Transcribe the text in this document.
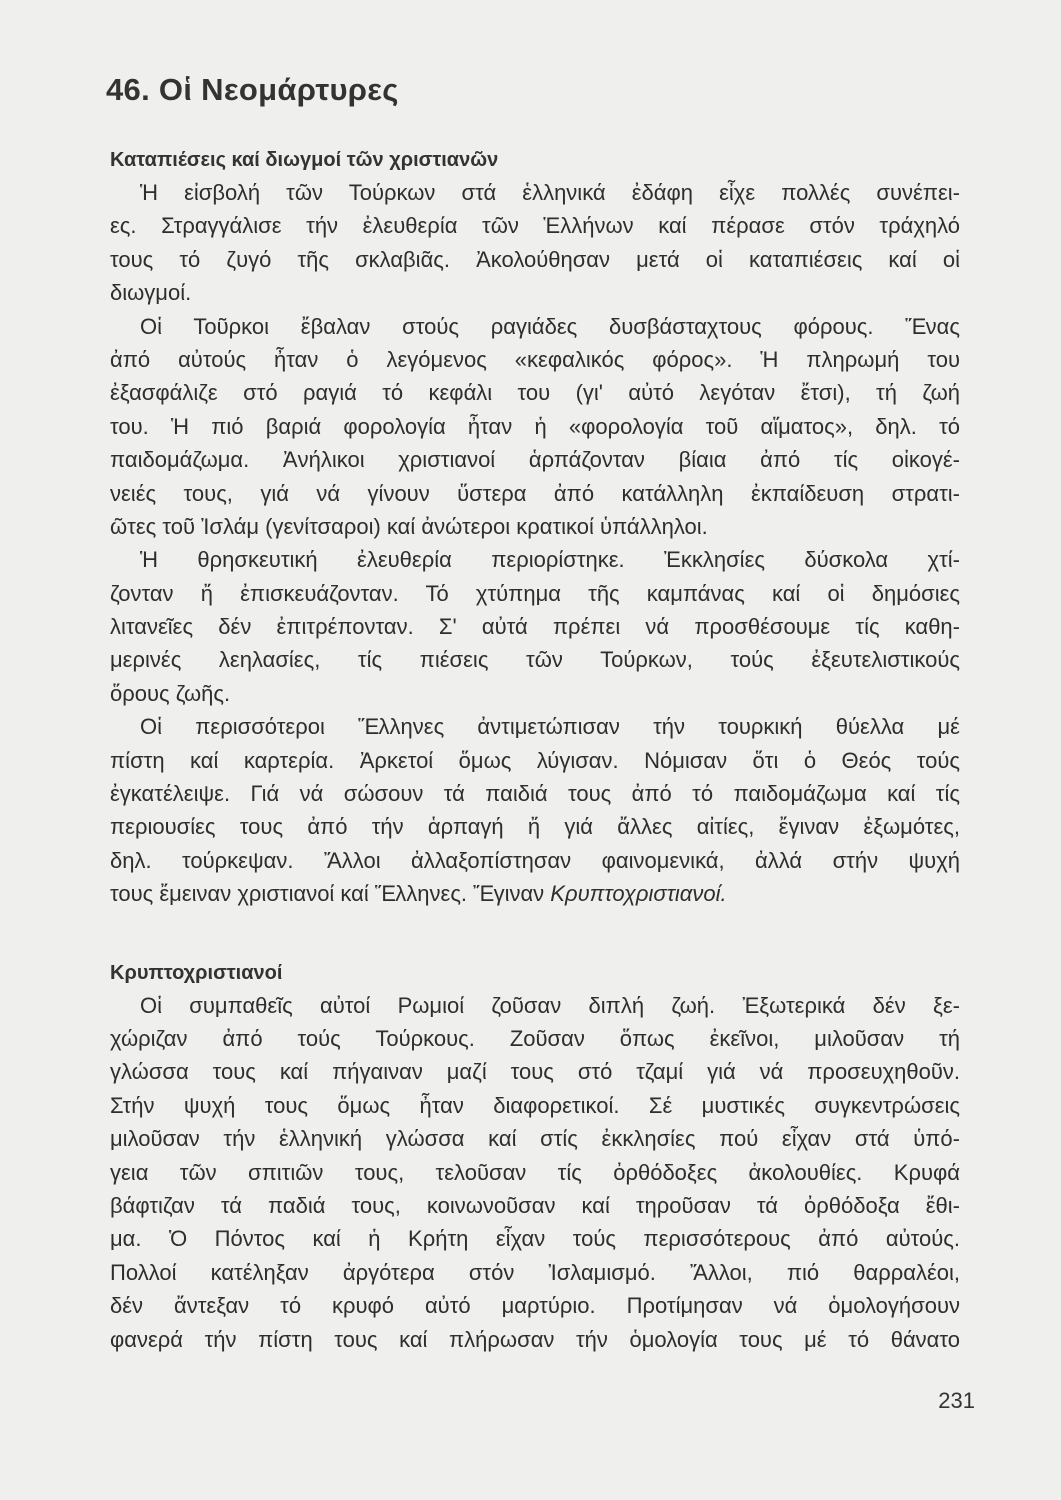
46. Οἱ Νεομάρτυρες
Καταπιέσεις καί διωγμοί τῶν χριστιανῶν
Ἡ εἰσβολή τῶν Τούρκων στά ἑλληνικά ἐδάφη εἶχε πολλές συνέπει-
ες. Στραγγάλισε τήν ἐλευθερία τῶν Ἑλλήνων καί πέρασε στόν τράχηλό
τους τό ζυγό τῆς σκλαβιᾶς. Ἀκολούθησαν μετά οἱ καταπιέσεις καί οἱ
διωγμοί.
Οἱ Τοῦρκοι ἔβαλαν στούς ραγιάδες δυσβάσταχτους φόρους. Ἕνας
ἀπό αὐτούς ἦταν ὁ λεγόμενος «κεφαλικός φόρος». Ἡ πληρωμή του
ἐξασφάλιζε στό ραγιά τό κεφάλι του (γι' αὐτό λεγόταν ἔτσι), τή ζωή
του. Ἡ πιό βαριά φορολογία ἦταν ἡ «φορολογία τοῦ αἵματος», δηλ. τό
παιδομάζωμα. Ἀνήλικοι χριστιανοί ἁρπάζονταν βίαια ἀπό τίς οἰκογέ-
νειές τους, γιά νά γίνουν ὕστερα ἀπό κατάλληλη ἐκπαίδευση στρατι-
ῶτες τοῦ Ἰσλάμ (γενίτσαροι) καί ἀνώτεροι κρατικοί ὑπάλληλοι.
Ἡ θρησκευτική ἐλευθερία περιορίστηκε. Ἐκκλησίες δύσκολα χτί-
ζονταν ἤ ἐπισκευάζονταν. Τό χτύπημα τῆς καμπάνας καί οἱ δημόσιες
λιτανεῖες δέν ἐπιτρέπονταν. Σ' αὐτά πρέπει νά προσθέσουμε τίς καθη-
μερινές λεηλασίες, τίς πιέσεις τῶν Τούρκων, τούς ἐξευτελιστικούς
ὅρους ζωῆς.
Οἱ περισσότεροι Ἕλληνες ἀντιμετώπισαν τήν τουρκική θύελλα μέ
πίστη καί καρτερία. Ἀρκετοί ὅμως λύγισαν. Νόμισαν ὅτι ὁ Θεός τούς
ἐγκατέλειψε. Γιά νά σώσουν τά παιδιά τους ἀπό τό παιδομάζωμα καί τίς
περιουσίες τους ἀπό τήν ἁρπαγή ἤ γιά ἄλλες αἰτίες, ἔγιναν ἐξωμότες,
δηλ. τούρκεψαν. Ἄλλοι ἀλλαξοπίστησαν φαινομενικά, ἀλλά στήν ψυχή
τους ἔμειναν χριστιανοί καί Ἕλληνες. Ἔγιναν Κρυπτοχριστιανοί.
Κρυπτοχριστιανοί
Οἱ συμπαθεῖς αὐτοί Ρωμιοί ζοῦσαν διπλή ζωή. Ἐξωτερικά δέν ξε-
χώριζαν ἀπό τούς Τούρκους. Ζοῦσαν ὅπως ἐκεῖνοι, μιλοῦσαν τή
γλώσσα τους καί πήγαιναν μαζί τους στό τζαμί γιά νά προσευχηθοῦν.
Στήν ψυχή τους ὅμως ἦταν διαφορετικοί. Σέ μυστικές συγκεντρώσεις
μιλοῦσαν τήν ἑλληνική γλώσσα καί στίς ἐκκλησίες πού εἶχαν στά ὑπό-
γεια τῶν σπιτιῶν τους, τελοῦσαν τίς ὀρθόδοξες ἀκολουθίες. Κρυφά
βάφτιζαν τά παδιά τους, κοινωνοῦσαν καί τηροῦσαν τά ὀρθόδοξα ἔθι-
μα. Ὁ Πόντος καί ἡ Κρήτη εἶχαν τούς περισσότερους ἀπό αὐτούς.
Πολλοί κατέληξαν ἀργότερα στόν Ἰσλαμισμό. Ἄλλοι, πιό θαρραλέοι,
δέν ἄντεξαν τό κρυφό αὐτό μαρτύριο. Προτίμησαν νά ὁμολογήσουν
φανερά τήν πίστη τους καί πλήρωσαν τήν ὁμολογία τους μέ τό θάνατο
231
